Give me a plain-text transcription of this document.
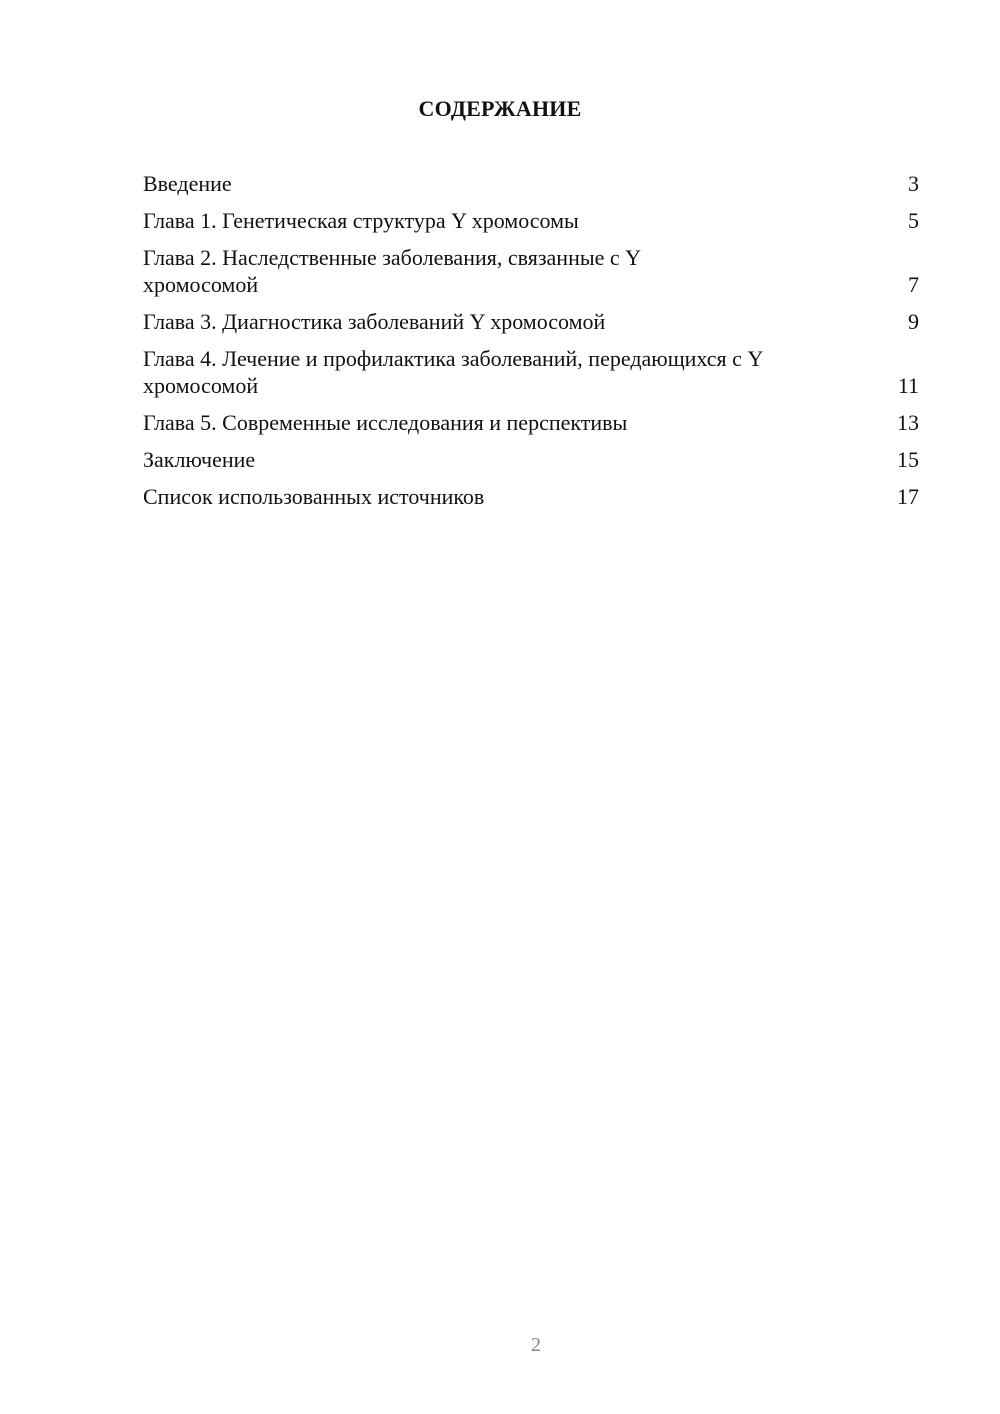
СОДЕРЖАНИЕ
Введение	3
Глава 1. Генетическая структура Y хромосомы	5
Глава 2. Наследственные заболевания, связанные с Y хромосомой	7
Глава 3. Диагностика заболеваний Y хромосомой	9
Глава 4. Лечение и профилактика заболеваний, передающихся с Y хромосомой	11
Глава 5. Современные исследования и перспективы	13
Заключение	15
Список использованных источников	17
2
